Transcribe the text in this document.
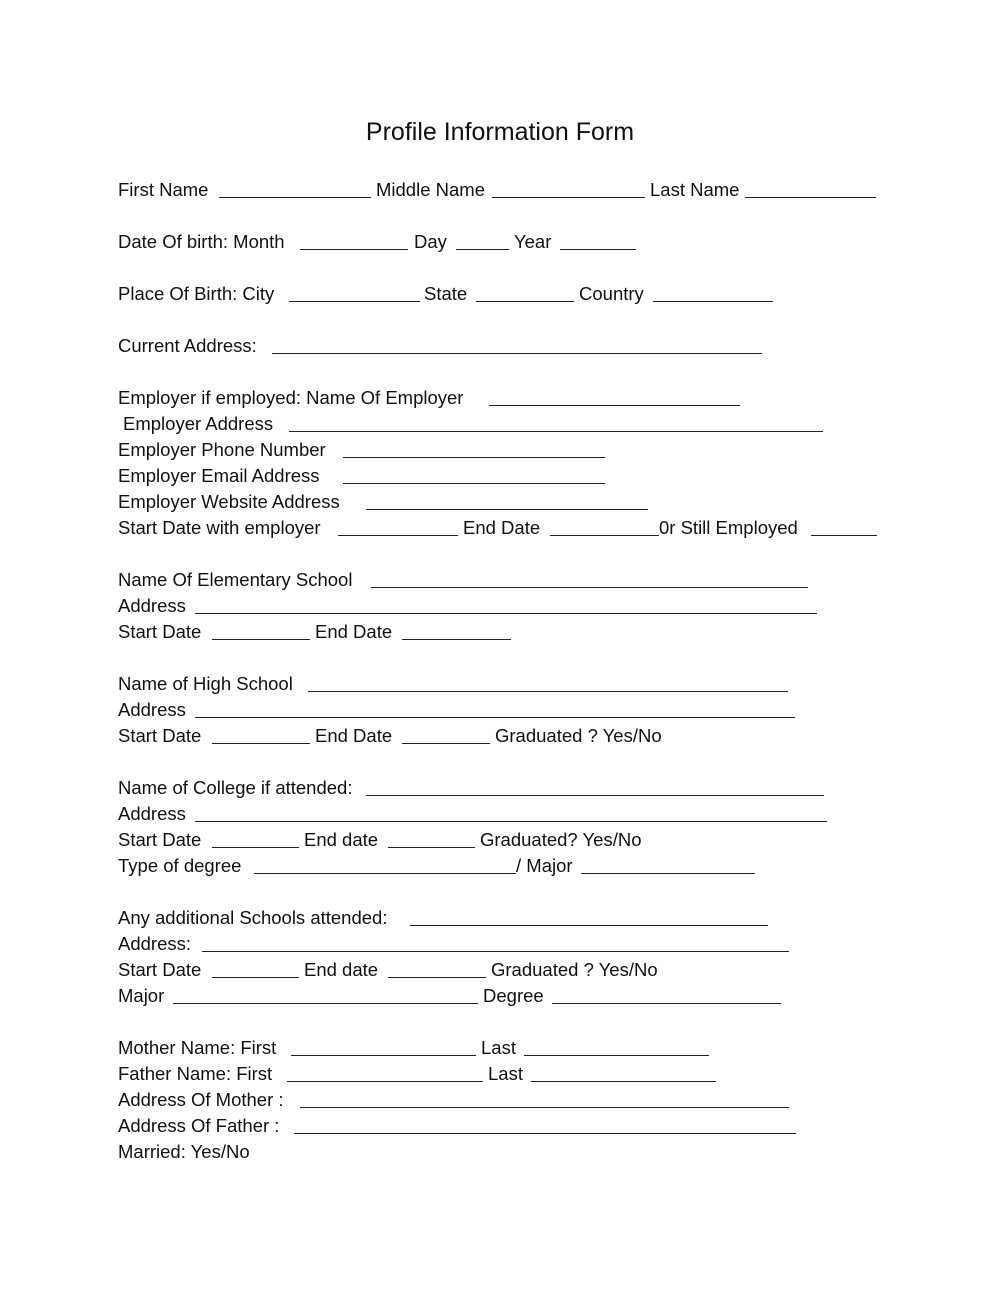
Profile Information Form
First Name	Middle Name	Last Name
Date Of birth: Month	Day	Year
Place Of Birth: City	State	Country
Current Address:
Employer if employed: Name Of Employer
Employer Address
Employer Phone Number
Employer Email Address
Employer Website Address
Start Date with employer	End Date	0r Still Employed
Name Of Elementary School
Address
Start Date	End Date
Name of High School
Address
Start Date	End Date	Graduated ? Yes/No
Name of College if attended:
Address
Start Date	End date	Graduated? Yes/No
Type of degree	/ Major
Any additional Schools attended:
Address:
Start Date	End date	Graduated ? Yes/No
Major	Degree
Mother Name: First	Last
Father Name: First	Last
Address Of Mother :
Address Of Father :
Married: Yes/No
